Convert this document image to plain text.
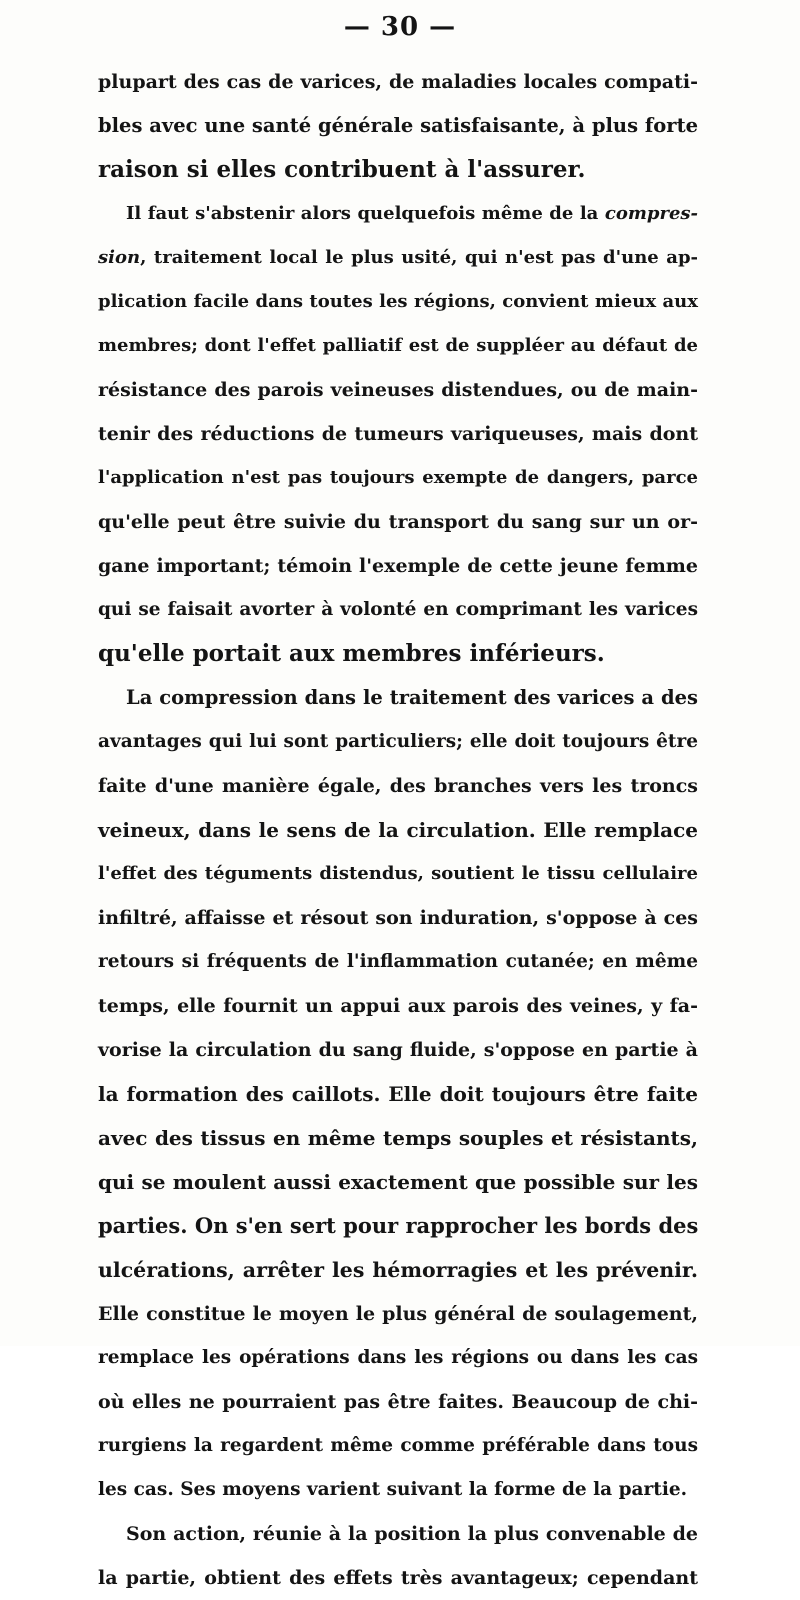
— 30 —
plupart des cas de varices, de maladies locales compati-
bles avec une santé générale satisfaisante, à plus forte
raison si elles contribuent à l'assurer.
Il faut s'abstenir alors quelquefois même de la compres-
sion, traitement local le plus usité, qui n'est pas d'une ap-
plication facile dans toutes les régions, convient mieux aux
membres; dont l'effet palliatif est de suppléer au défaut de
résistance des parois veineuses distendues, ou de main-
tenir des réductions de tumeurs variqueuses, mais dont
l'application n'est pas toujours exempte de dangers, parce
qu'elle peut être suivie du transport du sang sur un or-
gane important; témoin l'exemple de cette jeune femme
qui se faisait avorter à volonté en comprimant les varices
qu'elle portait aux membres inférieurs.
La compression dans le traitement des varices a des
avantages qui lui sont particuliers; elle doit toujours être
faite d'une manière égale, des branches vers les troncs
veineux, dans le sens de la circulation. Elle remplace
l'effet des téguments distendus, soutient le tissu cellulaire
infiltré, affaisse et résout son induration, s'oppose à ces
retours si fréquents de l'inflammation cutanée; en même
temps, elle fournit un appui aux parois des veines, y fa-
vorise la circulation du sang fluide, s'oppose en partie à
la formation des caillots. Elle doit toujours être faite
avec des tissus en même temps souples et résistants,
qui se moulent aussi exactement que possible sur les
parties. On s'en sert pour rapprocher les bords des
ulcérations, arrêter les hémorragies et les prévenir.
Elle constitue le moyen le plus général de soulagement,
remplace les opérations dans les régions ou dans les cas
où elles ne pourraient pas être faites. Beaucoup de chi-
rurgiens la regardent même comme préférable dans tous
les cas. Ses moyens varient suivant la forme de la partie.
Son action, réunie à la position la plus convenable de
la partie, obtient des effets très avantageux; cependant
